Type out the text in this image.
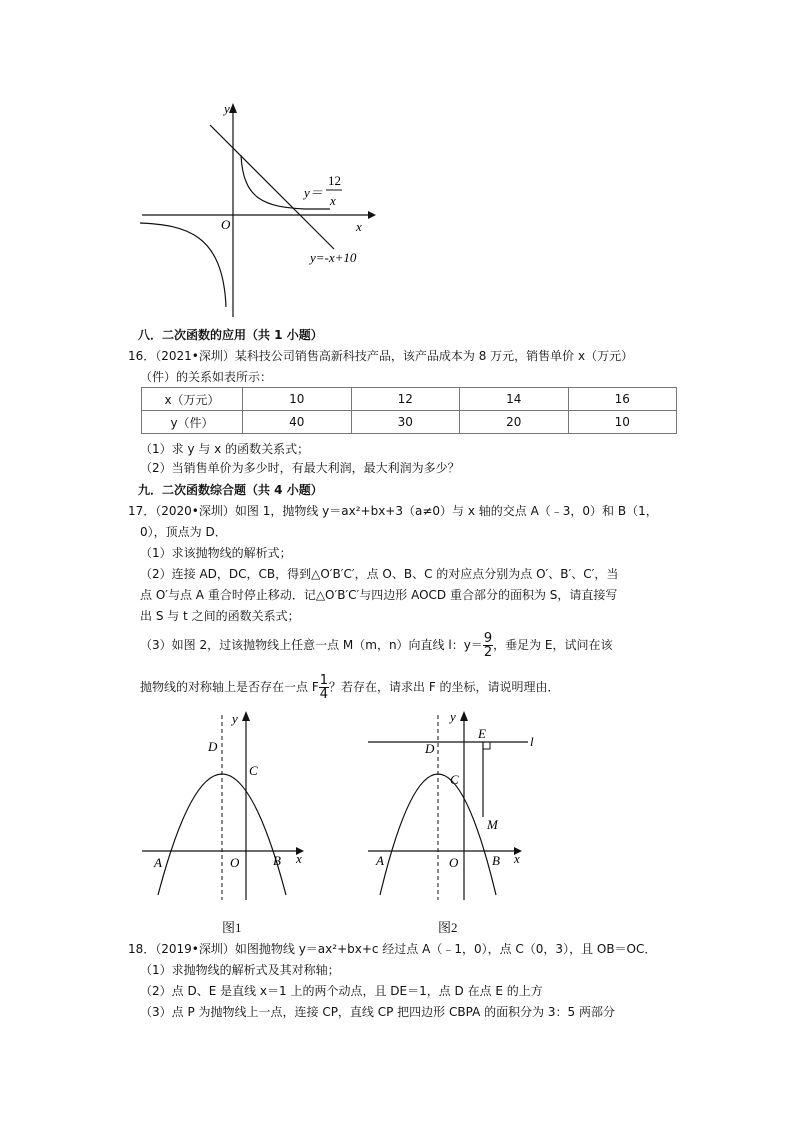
y
x
O
y＝
12
x
y=-x+10
八．二次函数的应用（共 1 小题）
16．（2021•深圳）某科技公司销售高新科技产品，该产品成本为 8 万元，销售单价 x（万元）
（件）的关系如表所示：
x（万元）	10	12	14	16
y（件）	40	30	20	10
（1）求 y 与 x 的函数关系式；
（2）当销售单价为多少时，有最大利润，最大利润为多少？
九．二次函数综合题（共 4 小题）
17．（2020•深圳）如图 1，抛物线 y＝ax²+bx+3（a≠0）与 x 轴的交点 A（﹣3，0）和 B（1，
0），顶点为 D．
（1）求该抛物线的解析式；
（2）连接 AD，DC，CB，得到△O′B′C′，点 O、B、C 的对应点分别为点 O′、B′、C′，当
点 O′与点 A 重合时停止移动．记△O′B′C′与四边形 AOCD 重合部分的面积为 S，请直接写
出 S 与 t 之间的函数关系式；
（3）如图 2，过该抛物线上任意一点 M（m，n）向直线 l：$y= \frac{9}{2}$ ，垂足为 E，试问在该
抛物线的对称轴上是否存在一点 F $\frac{1}{4}$ ？若存在，请求出 F 的坐标，请说明理由．
D
C
A	O	B x
y
图1
E
l
D
C
M
A	O	B x
y
图2
18．（2019•深圳）如图抛物线 y＝ax²+bx+c 经过点 A（﹣1，0），点 C（0，3），且 OB＝OC．
（1）求抛物线的解析式及其对称轴；
（2）点 D、E 是直线 x＝1 上的两个动点，且 DE＝1，点 D 在点 E 的上方
（3）点 P 为抛物线上一点，连接 CP，直线 CP 把四边形 CBPA 的面积分为 3：5 两部分
